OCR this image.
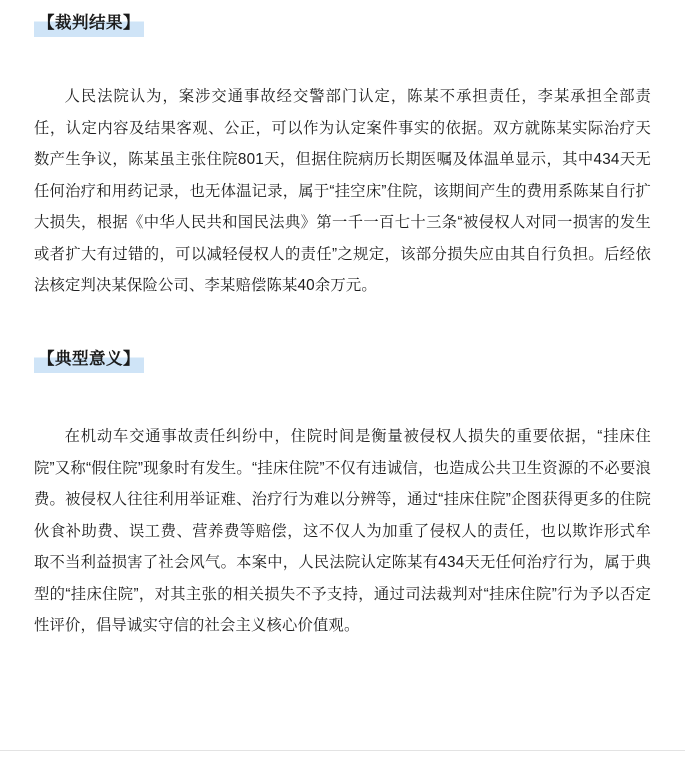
【裁判结果】

人民法院认为，案涉交通事故经交警部门认定，陈某不承担责任，李某承担全部责任，认定内容及结果客观、公正，可以作为认定案件事实的依据。双方就陈某实际治疗天数产生争议，陈某虽主张住院801天，但据住院病历长期医嘱及体温单显示，其中434天无任何治疗和用药记录，也无体温记录，属于“挂空床”住院，该期间产生的费用系陈某自行扩大损失，根据《中华人民共和国民法典》第一千一百七十三条“被侵权人对同一损害的发生或者扩大有过错的，可以减轻侵权人的责任”之规定，该部分损失应由其自行负担。后经依法核定判决某保险公司、李某赔偿陈某40余万元。

【典型意义】

在机动车交通事故责任纠纷中，住院时间是衡量被侵权人损失的重要依据，“挂床住院”又称“假住院”现象时有发生。“挂床住院”不仅有违诚信，也造成公共卫生资源的不必要浪费。被侵权人往往利用举证难、治疗行为难以分辨等，通过“挂床住院”企图获得更多的住院伙食补助费、误工费、营养费等赔偿，这不仅人为加重了侵权人的责任，也以欺诈形式牟取不当利益损害了社会风气。本案中，人民法院认定陈某有434天无任何治疗行为，属于典型的“挂床住院”，对其主张的相关损失不予支持，通过司法裁判对“挂床住院”行为予以否定性评价，倡导诚实守信的社会主义核心价值观。
